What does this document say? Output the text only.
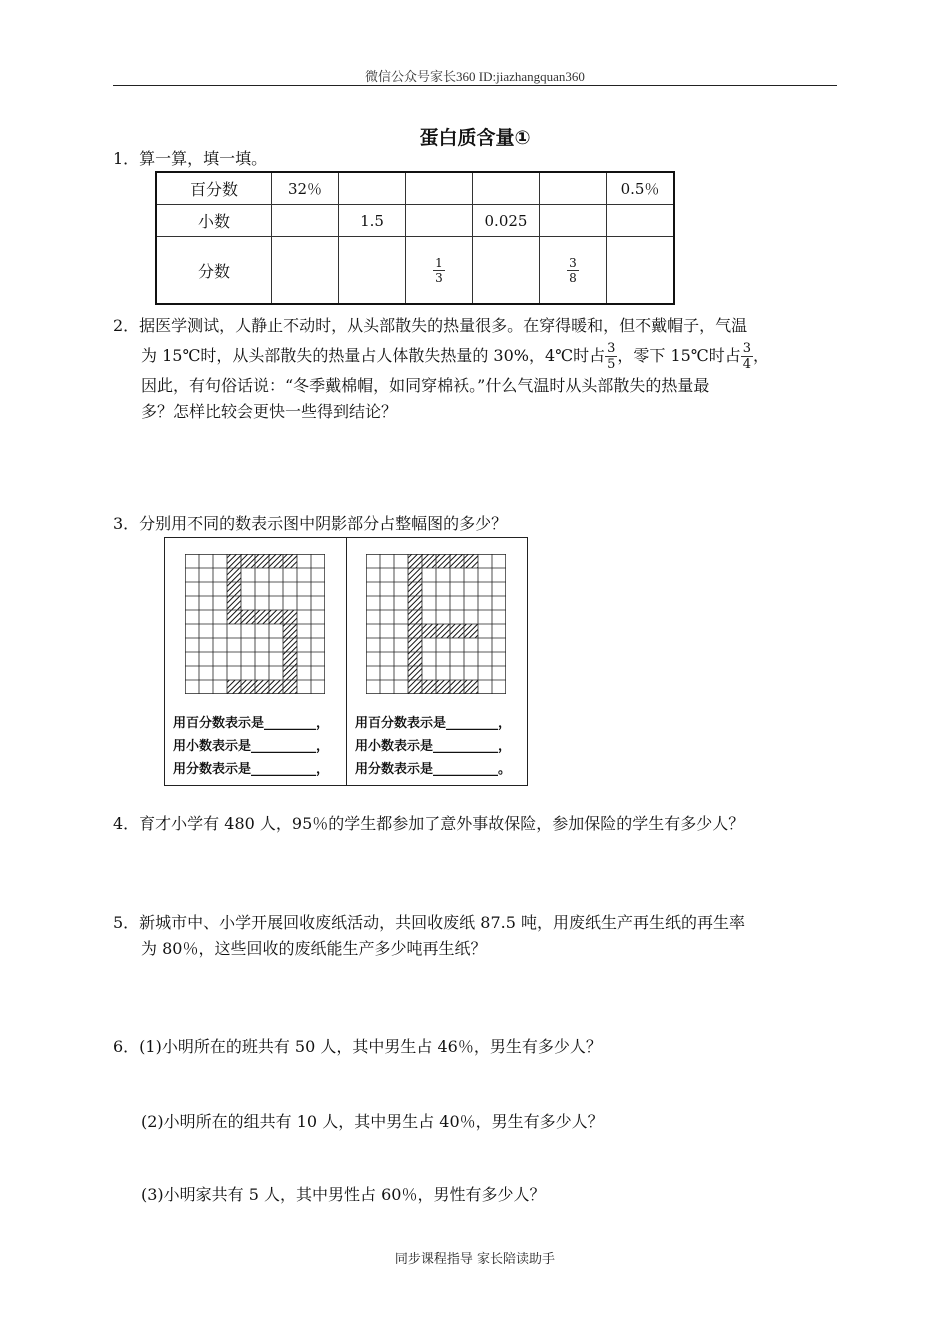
微信公众号家长360 ID:jiazhangquan360
蛋白质含量①
1．算一算，填一填。
百分数	32％					0.5％
小数		1.5		0.025		
分数			$\frac{1}{3}$		$\frac{3}{8}$

2．据医学测试，人静止不动时，从头部散失的热量很多。在穿得暖和，但不戴帽子，气温
为 15℃时，从头部散失的热量占人体散失热量的 30%，4℃时占 $\frac{3}{5}$ ，零下 15℃时占 $\frac{3}{4}$ ，
因此，有句俗话说：“冬季戴棉帽，如同穿棉袄。”什么气温时从头部散失的热量最
多？怎样比较会更快一些得到结论？
3．分别用不同的数表示图中阴影部分占整幅图的多少？
用百分数表示是________，
用小数表示是__________，
用分数表示是__________，
用百分数表示是________，
用小数表示是__________，
用分数表示是__________。
4．育才小学有 480 人，95％的学生都参加了意外事故保险，参加保险的学生有多少人？
5．新城市中、小学开展回收废纸活动，共回收废纸 87.5 吨，用废纸生产再生纸的再生率
为 80％，这些回收的废纸能生产多少吨再生纸？
6．(1)小明所在的班共有 50 人，其中男生占 46％，男生有多少人？
(2)小明所在的组共有 10 人，其中男生占 40％，男生有多少人？
(3)小明家共有 5 人，其中男性占 60％，男性有多少人？
同步课程指导 家长陪读助手
